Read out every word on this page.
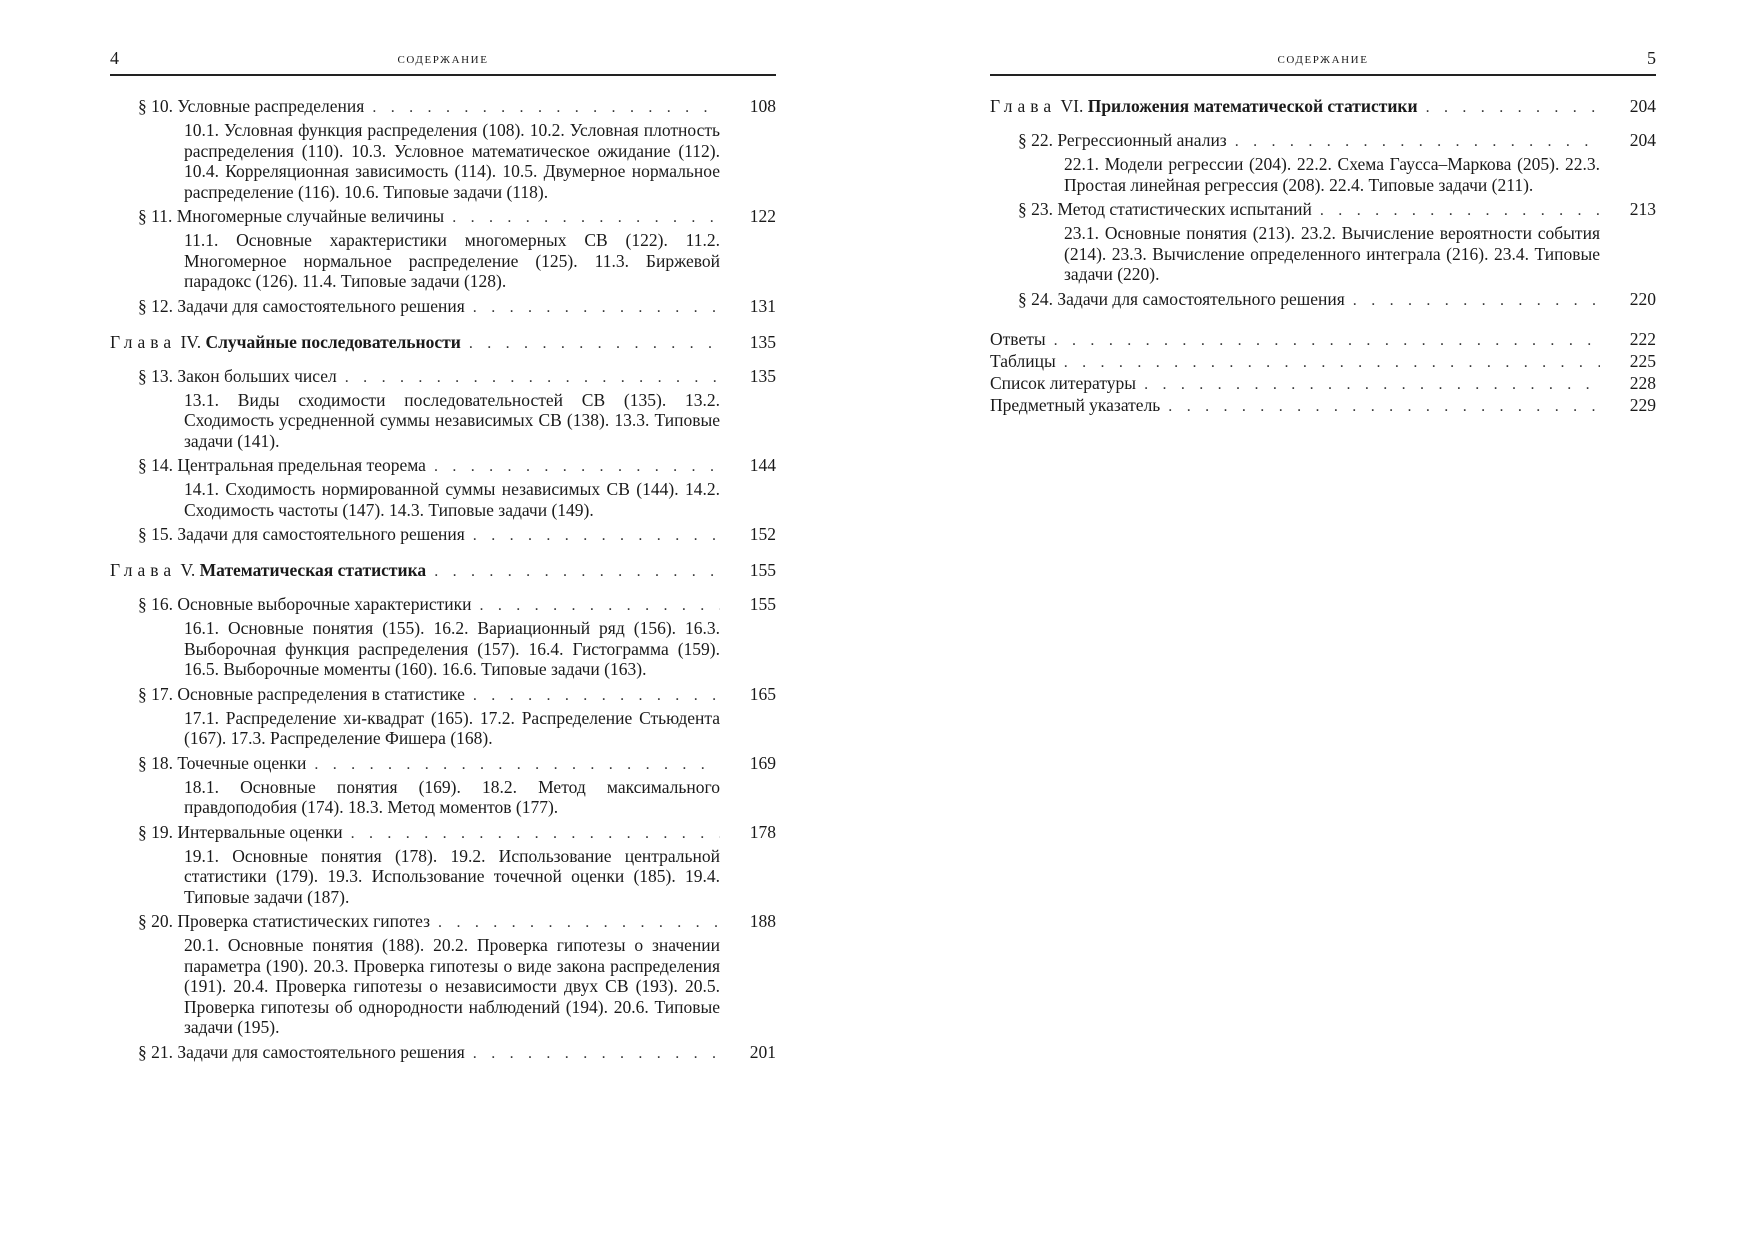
4	СОДЕРЖАНИЕ
§ 10. Условные распределения . . .	108
10.1. Условная функция распределения (108). 10.2. Условная плотность распределения (110). 10.3. Условное математическое ожидание (112). 10.4. Корреляционная зависимость (114). 10.5. Двумерное нормальное распределение (116). 10.6. Типовые задачи (118).
§ 11. Многомерные случайные величины . . .	122
11.1. Основные характеристики многомерных СВ (122). 11.2. Многомерное нормальное распределение (125). 11.3. Биржевой парадокс (126). 11.4. Типовые задачи (128).
§ 12. Задачи для самостоятельного решения . . .	131
Глава IV. Случайные последовательности . . .	135
§ 13. Закон больших чисел . . .	135
13.1. Виды сходимости последовательностей СВ (135). 13.2. Сходимость усредненной суммы независимых СВ (138). 13.3. Типовые задачи (141).
§ 14. Центральная предельная теорема . . .	144
14.1. Сходимость нормированной суммы независимых СВ (144). 14.2. Сходимость частоты (147). 14.3. Типовые задачи (149).
§ 15. Задачи для самостоятельного решения . . .	152
Глава V. Математическая статистика . . .	155
§ 16. Основные выборочные характеристики . . .	155
16.1. Основные понятия (155). 16.2. Вариационный ряд (156). 16.3. Выборочная функция распределения (157). 16.4. Гистограмма (159). 16.5. Выборочные моменты (160). 16.6. Типовые задачи (163).
§ 17. Основные распределения в статистике . . .	165
17.1. Распределение хи-квадрат (165). 17.2. Распределение Стьюдента (167). 17.3. Распределение Фишера (168).
§ 18. Точечные оценки . . .	169
18.1. Основные понятия (169). 18.2. Метод максимального правдоподобия (174). 18.3. Метод моментов (177).
§ 19. Интервальные оценки . . .	178
19.1. Основные понятия (178). 19.2. Использование центральной статистики (179). 19.3. Использование точечной оценки (185). 19.4. Типовые задачи (187).
§ 20. Проверка статистических гипотез . . .	188
20.1. Основные понятия (188). 20.2. Проверка гипотезы о значении параметра (190). 20.3. Проверка гипотезы о виде закона распределения (191). 20.4. Проверка гипотезы о независимости двух СВ (193). 20.5. Проверка гипотезы об однородности наблюдений (194). 20.6. Типовые задачи (195).
§ 21. Задачи для самостоятельного решения . . .	201
СОДЕРЖАНИЕ	5
Глава VI. Приложения математической статистики . . .	204
§ 22. Регрессионный анализ . . .	204
22.1. Модели регрессии (204). 22.2. Схема Гаусса–Маркова (205). 22.3. Простая линейная регрессия (208). 22.4. Типовые задачи (211).
§ 23. Метод статистических испытаний . . .	213
23.1. Основные понятия (213). 23.2. Вычисление вероятности события (214). 23.3. Вычисление определенного интеграла (216). 23.4. Типовые задачи (220).
§ 24. Задачи для самостоятельного решения . . .	220
Ответы . . .	222
Таблицы . . .	225
Список литературы . . .	228
Предметный указатель . . .	229
